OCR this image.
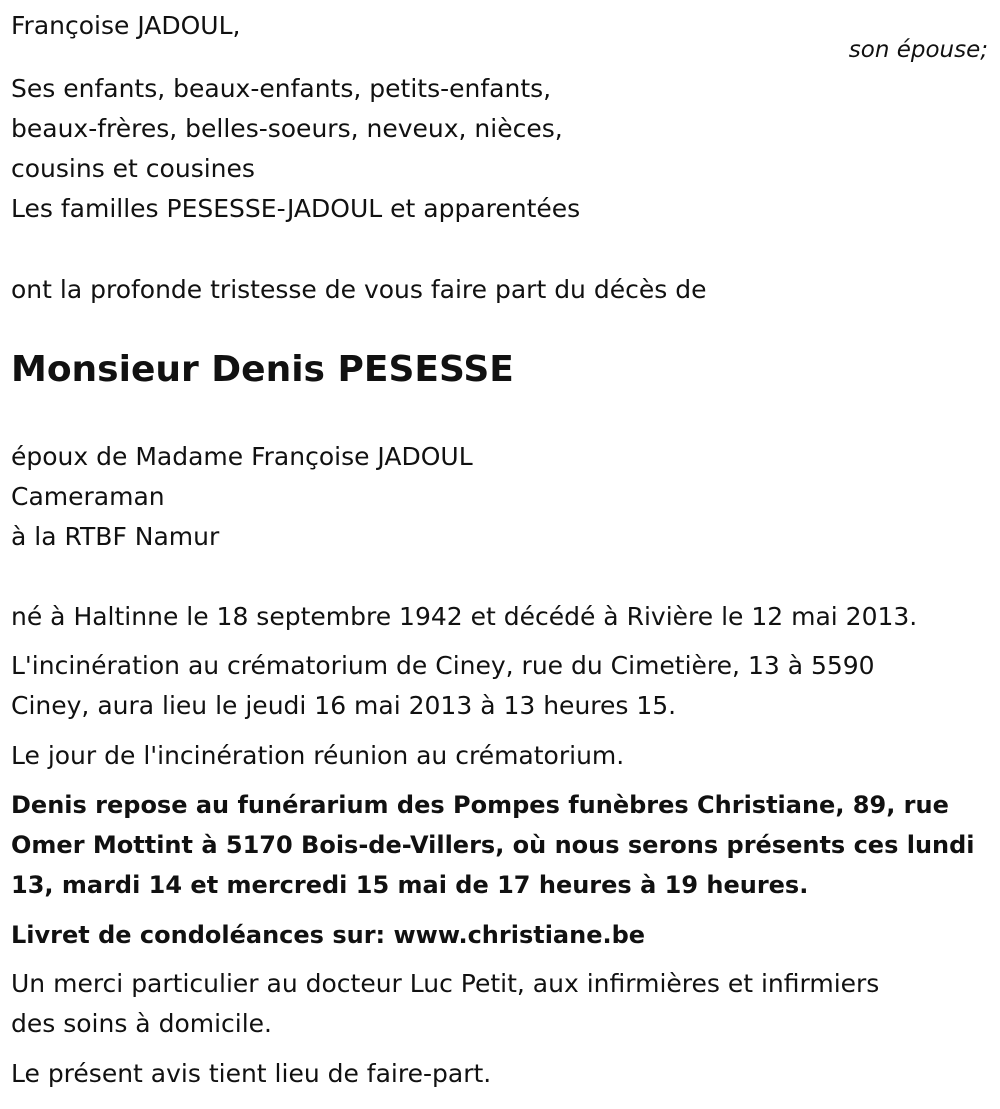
Françoise JADOUL,

son épouse;

Ses enfants, beaux-enfants, petits-enfants,

beaux-frères, belles-soeurs, neveux, nièces,

cousins et cousines

Les familles PESESSE-JADOUL et apparentées

ont la profonde tristesse de vous faire part du décès de

Monsieur Denis PESESSE

époux de Madame Françoise JADOUL

Cameraman

à la RTBF Namur

né à Haltinne le 18 septembre 1942 et décédé à Rivière le 12 mai 2013.

L'incinération au crématorium de Ciney, rue du Cimetière, 13 à 5590

Ciney, aura lieu le jeudi 16 mai 2013 à 13 heures 15.

Le jour de l'incinération réunion au crématorium.

Denis repose au funérarium des Pompes funèbres Christiane, 89, rue

Omer Mottint à 5170 Bois-de-Villers, où nous serons présents ces lundi

13, mardi 14 et mercredi 15 mai de 17 heures à 19 heures.

Livret de condoléances sur: www.christiane.be

Un merci particulier au docteur Luc Petit, aux infirmières et infirmiers

des soins à domicile.

Le présent avis tient lieu de faire-part.
